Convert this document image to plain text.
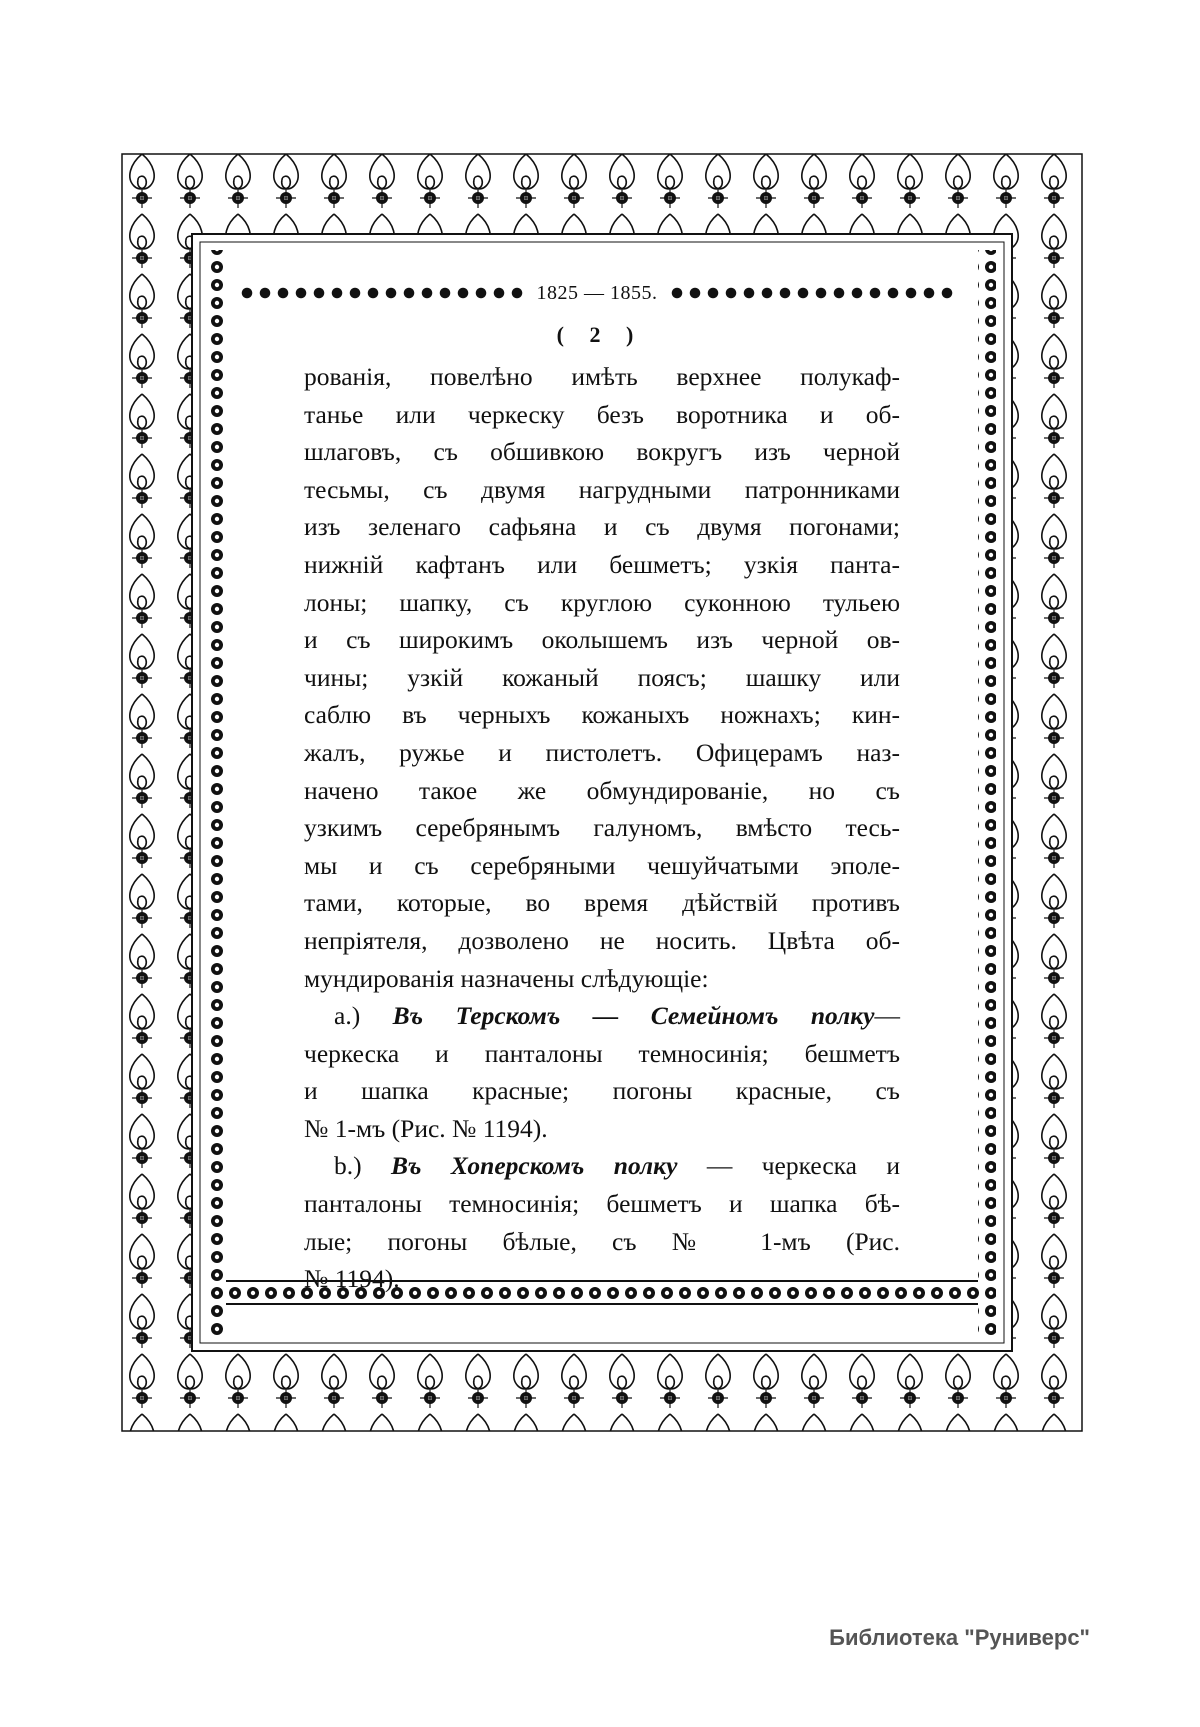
1825 — 1855.
( 2 )
рованія, повелѣно имѣть верхнее полукаф-
танье или черкеску безъ воротника и об-
шлаговъ, съ обшивкою вокругъ изъ черной
тесьмы, съ двумя нагрудными патронниками
изъ зеленаго сафьяна и съ двумя погонами;
нижній кафтанъ или бешметъ; узкія панта-
лоны; шапку, съ круглою суконною тульею
и съ широкимъ околышемъ изъ черной ов-
чины; узкій кожаный поясъ; шашку или
саблю въ черныхъ кожаныхъ ножнахъ; кин-
жалъ, ружье и пистолетъ. Офицерамъ наз-
начено такое же обмундированіе, но съ
узкимъ серебрянымъ галуномъ, вмѣсто тесь-
мы и съ серебряными чешуйчатыми эполе-
тами, которые, во время дѣйствій противъ
непріятеля, дозволено не носить. Цвѣта об-
мундированія назначены слѣдующіе:
a.) Въ Терскомъ — Семейномъ полку—
черкеска и панталоны темносинія; бешметъ
и шапка красные; погоны красные, съ
№ 1-мъ (Рис. № 1194).
b.) Въ Хоперскомъ полку — черкеска и
панталоны темносинія; бешметъ и шапка бѣ-
лые; погоны бѣлые, съ № 1-мъ (Рис.
№ 1194).
Библиотека "Руниверс"
